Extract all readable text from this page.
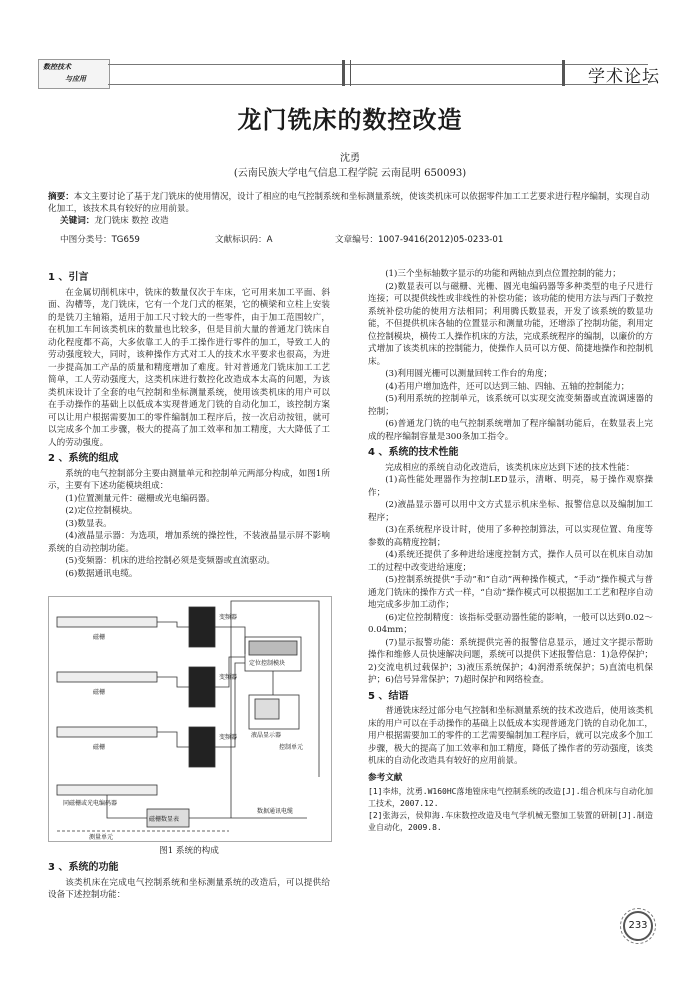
数控技术
与应用	学术论坛
龙门铣床的数控改造
沈勇
(云南民族大学电气信息工程学院 云南昆明 650093)
摘要：本文主要讨论了基于龙门铣床的使用情况，设计了相应的电气控制系统和坐标测量系统，使该类机床可以依据零件加工工艺要求进行程序编制，实现自动化加工，该技术具有较好的应用前景。
关键词：龙门铣床 数控 改造
中图分类号：TG659	文献标识码：A	文章编号：1007-9416(2012)05-0233-01
1 、引言

在金属切削机床中，铣床的数量仅次于车床，它可用来加工平面、斜面、沟槽等，龙门铣床，它有一个龙门式的框架，它的横梁和立柱上安装的是铣刀主轴箱，适用于加工尺寸较大的一些零件，由于加工范围较广，在机加工车间该类机床的数量也比较多，但是目前大量的普通龙门铣床自动化程度都不高，大多依靠工人的手工操作进行零件的加工，导致工人的劳动强度较大，同时，该种操作方式对工人的技术水平要求也很高，为进一步提高加工产品的质量和精度增加了难度。针对普通龙门铣床加工工艺简单，工人劳动强度大，这类机床进行数控化改造成本太高的问题，为该类机床设计了全套的电气控制和坐标测量系统，使用该类机床的用户可以在手动操作的基础上以低成本实现普通龙门铣的自动化加工，该控制方案可以让用户根据需要加工的零件编制加工程序后，按一次启动按钮，就可以完成多个加工步骤，极大的提高了加工效率和加工精度，大大降低了工人的劳动强度。

2 、系统的组成

系统的电气控制部分主要由测量单元和控制单元两部分构成，如图1所示，主要有下述功能模块组成：

(1)位置测量元件：磁栅或光电编码器。

(2)定位控制模块。

(3)数显表。

(4)液晶显示器：为选项，增加系统的操控性，不装液晶显示屏不影响系统的自动控制功能。

(5)变频器：机床的进给控制必须是变频器或直流驱动。

(6)数据通讯电缆。

磁栅
磁栅
磁栅
变频器
变频器
变频器
定位控制模块
液晶显示器
控制单元
同磁栅或光电编码器
磁栅数显表
测量单元
数据通讯电缆
图1 系统的构成
3 、系统的功能

该类机床在完成电气控制系统和坐标测量系统的改造后，可以提供给设备下述控制功能：

(1)三个坐标轴数字显示的功能和两轴点到点位置控制的能力；

(2)数显表可以与磁栅、光栅、圆光电编码器等多种类型的电子尺进行连接；可以提供线性或非线性的补偿功能；该功能的使用方法与西门子数控系统补偿功能的使用方法相同；利用腾氏数显表，开发了该系统的数显功能，不但提供机床各轴的位置显示和测量功能，还增添了控制功能，利用定位控制模块，横传工人操作机床的方法，完成系统程序的编制，以廉价的方式增加了该类机床的控制能力，使操作人员可以方便、简捷地操作和控制机床。

(3)利用圆光栅可以测量回转工作台的角度；

(4)若用户增加选件，还可以达到三轴、四轴、五轴的控制能力；

(5)利用系统的控制单元，该系统可以实现交流变频器或直流调速器的控制；

(6)普通龙门铣的电气控制系统增加了程序编制功能后，在数显表上完成的程序编制容量是300条加工指令。

4 、系统的技术性能

完成相应的系统自动化改造后，该类机床应达到下述的技术性能：

(1)高性能处理器作为控制LED显示，清晰、明亮，易于操作观察操作；

(2)液晶显示器可以用中文方式显示机床坐标、报警信息以及编制加工程序；

(3)在系统程序设计时，使用了多种控制算法，可以实现位置、角度等参数的高精度控制；

(4)系统还提供了多种进给速度控制方式，操作人员可以在机床自动加工的过程中改变进给速度；

(5)控制系统提供“手动”和“自动”两种操作模式，“手动”操作模式与普通龙门铣床的操作方式一样，“自动”操作模式可以根据加工工艺和程序自动地完成多步加工动作；

(6)定位控制精度：该指标受驱动器性能的影响，一般可以达到0.02～0.04mm；

(7)显示报警功能：系统提供完善的报警信息显示，通过文字提示帮助操作和维修人员快速解决问题，系统可以提供下述报警信息：1)急停保护；2)交流电机过载保护；3)液压系统保护；4)润滑系统保护；5)直流电机保护；6)信号异常保护；7)超时保护和网络检查。

5 、结语

普通铣床经过部分电气控制和坐标测量系统的技术改造后，使用该类机床的用户可以在手动操作的基础上以低成本实现普通龙门铣的自动化加工，用户根据需要加工的零件的工艺需要编制加工程序后，就可以完成多个加工步骤，极大的提高了加工效率和加工精度，降低了操作者的劳动强度，该类机床的自动化改造具有较好的应用前景。

参考文献
[1]李炜，沈勇.W160HC落地镗床电气控制系统的改造[J].组合机床与自动化加工技术，2007.12.
[2]张海云，侯仰海.车床数控改造及电气学机械无整加工装置的研制[J].制造业自动化，2009.8.
233
